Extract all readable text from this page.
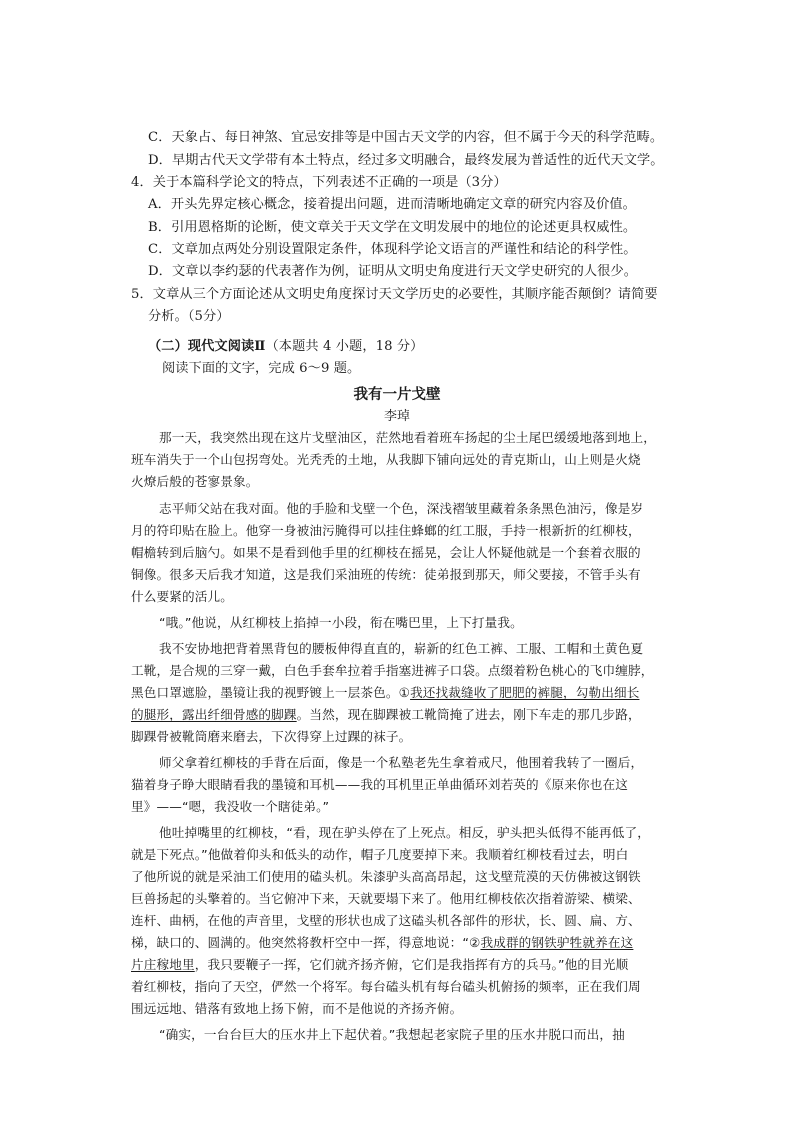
C．天象占、每日神煞、宜忌安排等是中国古天文学的内容，但不属于今天的科学范畴。
D．早期古代天文学带有本土特点，经过多文明融合，最终发展为普适性的近代天文学。
4．关于本篇科学论文的特点，下列表述不正确的一项是（3分）
A．开头先界定核心概念，接着提出问题，进而清晰地确定文章的研究内容及价值。
B．引用恩格斯的论断，使文章关于天文学在文明发展中的地位的论述更具权威性。
C．文章加点两处分别设置限定条件，体现科学论文语言的严谨性和结论的科学性。
D．文章以李约瑟的代表著作为例，证明从文明史角度进行天文学史研究的人很少。
5．文章从三个方面论述从文明史角度探讨天文学历史的必要性，其顺序能否颠倒？请简要
分析。（5分）
（二）现代文阅读Ⅱ（本题共 4 小题，18 分）
阅读下面的文字，完成 6～9 题。
我有一片戈壁
李琸
那一天，我突然出现在这片戈壁油区，茫然地看着班车扬起的尘土尾巴缓缓地落到地上，
班车消失于一个山包拐弯处。光秃秃的土地，从我脚下铺向远处的青克斯山，山上则是火烧
火燎后般的苍寥景象。
志平师父站在我对面。他的手脸和戈壁一个色，深浅褶皱里藏着条条黑色油污，像是岁
月的符印贴在脸上。他穿一身被油污腌得可以挂住蜂螂的红工服，手持一根新折的红柳枝，
帽檐转到后脑勺。如果不是看到他手里的红柳枝在摇晃，会让人怀疑他就是一个套着衣服的
铜像。很多天后我才知道，这是我们采油班的传统：徒弟报到那天，师父要接，不管手头有
什么要紧的活儿。
“哦。”他说，从红柳枝上掐掉一小段，衔在嘴巴里，上下打量我。
我不安协地把背着黑背包的腰板伸得直直的，崭新的红色工裤、工服、工帽和土黄色夏
工靴，是合规的三穿一戴，白色手套牟拉着手指塞进裤子口袋。点缀着粉色桃心的飞巾缠脖，
黑色口罩遮脸，墨镜让我的视野镀上一层茶色。①我还找裁缝收了肥肥的裤腿，勾勒出细长
的腿形，露出纤细骨感的脚踝。当然，现在脚踝被工靴筒掩了进去，刚下车走的那几步路，
脚踝骨被靴筒磨来磨去，下次得穿上过踝的袜子。
师父拿着红柳枝的手背在后面，像是一个私塾老先生拿着戒尺，他围着我转了一圈后，
猫着身子睁大眼睛看我的墨镜和耳机——我的耳机里正单曲循环刘若英的《原来你也在这
里》——“嗯，我没收一个瞎徒弟。”
他吐掉嘴里的红柳枝，“看，现在驴头停在了上死点。相反，驴头把头低得不能再低了，
就是下死点。”他做着仰头和低头的动作，帽子几度要掉下来。我顺着红柳枝看过去，明白
了他所说的就是采油工们使用的磕头机。朱漆驴头高高昂起，这戈壁荒漠的天仿佛被这钢铁
巨兽扬起的头擎着的。当它俯冲下来，天就要塌下来了。他用红柳枝依次指着游梁、横梁、
连杆、曲柄，在他的声音里，戈壁的形状也成了这磕头机各部件的形状，长、圆、扁、方、
梯，缺口的、圆满的。他突然将教杆空中一挥，得意地说：“②我成群的钢铁驴牲就养在这
片庄稼地里，我只要鞭子一挥，它们就齐扬齐俯，它们是我指挥有方的兵马。”他的目光顺
着红柳枝，指向了天空，俨然一个将军。每台磕头机有每台磕头机俯扬的频率，正在我们周
围远远地、错落有致地上扬下俯，而不是他说的齐扬齐俯。
“确实，一台台巨大的压水井上下起伏着。”我想起老家院子里的压水井脱口而出，抽
